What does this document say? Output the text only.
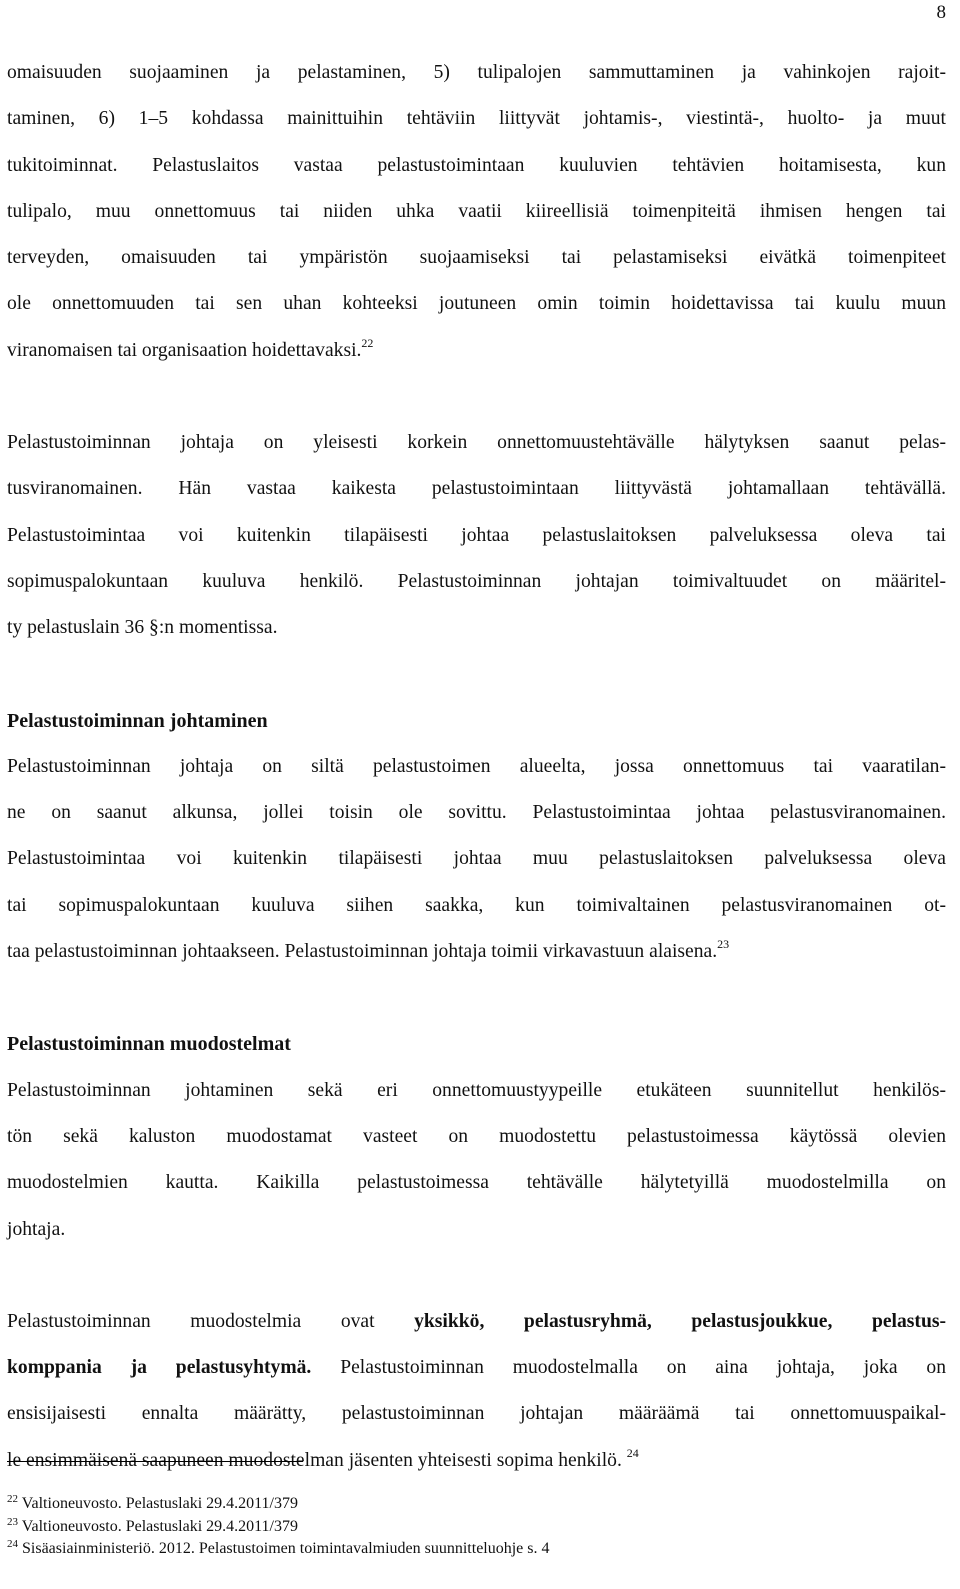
8
omaisuuden suojaaminen ja pelastaminen, 5) tulipalojen sammuttaminen ja vahinkojen rajoit-
taminen, 6) 1–5 kohdassa mainittuihin tehtäviin liittyvät johtamis-, viestintä-, huolto- ja muut
tukitoiminnat. Pelastuslaitos vastaa pelastustoimintaan kuuluvien tehtävien hoitamisesta, kun
tulipalo, muu onnettomuus tai niiden uhka vaatii kiireellisiä toimenpiteitä ihmisen hengen tai
terveyden, omaisuuden tai ympäristön suojaamiseksi tai pelastamiseksi eivätkä toimenpiteet
ole onnettomuuden tai sen uhan kohteeksi joutuneen omin toimin hoidettavissa tai kuulu muun
viranomaisen tai organisaation hoidettavaksi.$^{22}$
Pelastustoiminnan johtaja on yleisesti korkein onnettomuustehtävälle hälytyksen saanut pelas-
tusviranomainen. Hän vastaa kaikesta pelastustoimintaan liittyvästä johtamallaan tehtävällä.
Pelastustoimintaa voi kuitenkin tilapäisesti johtaa pelastuslaitoksen palveluksessa oleva tai
sopimuspalokuntaan kuuluva henkilö. Pelastustoiminnan johtajan toimivaltuudet on määritel-
ty pelastuslain 36 §:n momentissa.
Pelastustoiminnan johtaminen
Pelastustoiminnan johtaja on siltä pelastustoimen alueelta, jossa onnettomuus tai vaaratilan-
ne on saanut alkunsa, jollei toisin ole sovittu. Pelastustoimintaa johtaa pelastusviranomainen.
Pelastustoimintaa voi kuitenkin tilapäisesti johtaa muu pelastuslaitoksen palveluksessa oleva
tai sopimuspalokuntaan kuuluva siihen saakka, kun toimivaltainen pelastusviranomainen ot-
taa pelastustoiminnan johtaakseen. Pelastustoiminnan johtaja toimii virkavastuun alaisena.$^{23}$
Pelastustoiminnan muodostelmat
Pelastustoiminnan johtaminen sekä eri onnettomuustyypeille etukäteen suunnitellut henkilös-
tön sekä kaluston muodostamat vasteet on muodostettu pelastustoimessa käytössä olevien
muodostelmien kautta. Kaikilla pelastustoimessa tehtävälle hälytetyillä muodostelmilla on
johtaja.
Pelastustoiminnan muodostelmia ovat yksikkö, pelastusryhmä, pelastusjoukkue, pelastus-
komppania ja pelastusyhtymä. Pelastustoiminnan muodostelmalla on aina johtaja, joka on
ensisijaisesti ennalta määrätty, pelastustoiminnan johtajan määräämä tai onnettomuuspaikal-
le ensimmäisenä saapuneen muodostelman jäsenten yhteisesti sopima henkilö. $^{24}$
$^{22}$ Valtioneuvosto. Pelastuslaki 29.4.2011/379
$^{23}$ Valtioneuvosto. Pelastuslaki 29.4.2011/379
$^{24}$ Sisäasiainministeriö. 2012. Pelastustoimen toimintavalmiuden suunnitteluohje s. 4
